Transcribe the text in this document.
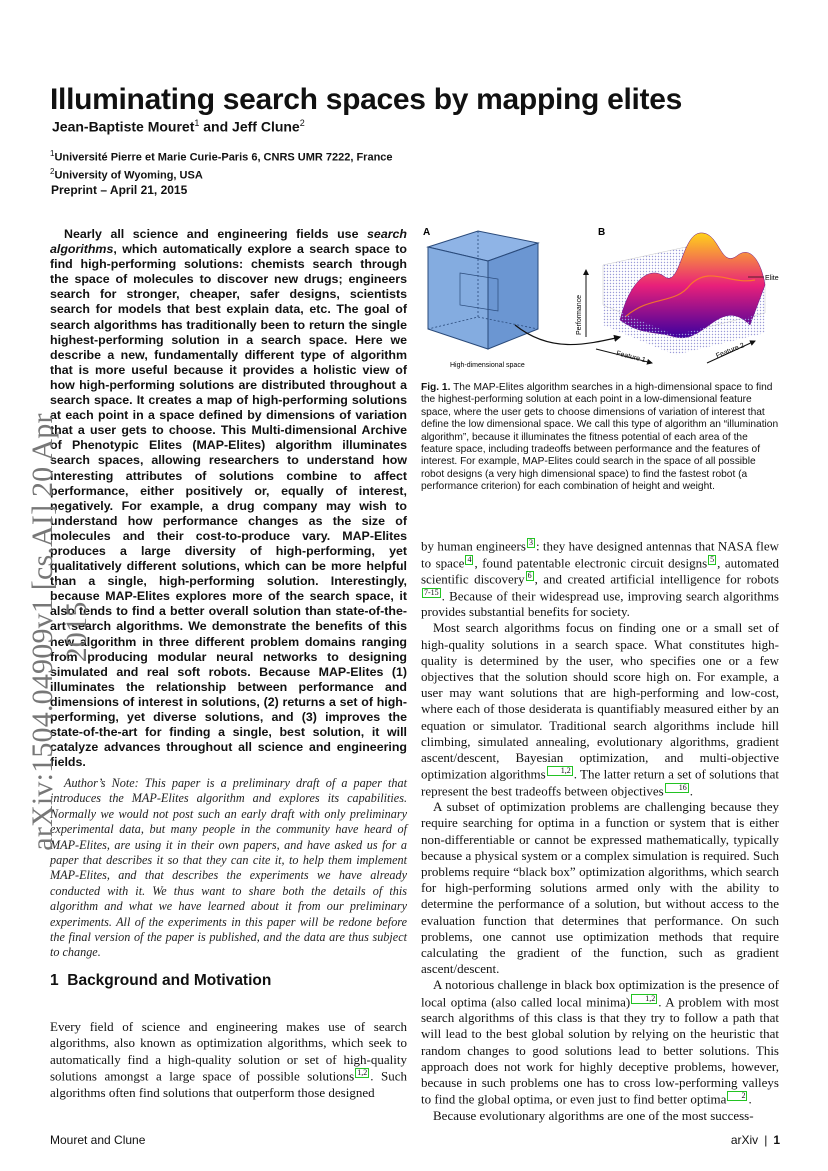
Illuminating search spaces by mapping elites
Jean-Baptiste Mouret$^1$ and Jeff Clune$^2$
$^1$Université Pierre et Marie Curie-Paris 6, CNRS UMR 7222, France
$^2$University of Wyoming, USA
Preprint – April 21, 2015

Nearly all science and engineering fields use search algorithms, which automatically explore a search space to find high-performing solutions: chemists search through the space of molecules to discover new drugs; engineers search for stronger, cheaper, safer designs, scientists search for models that best explain data, etc. The goal of search algorithms has traditionally been to return the single highest-performing solution in a search space. Here we describe a new, fundamentally different type of algorithm that is more useful because it provides a holistic view of how high-performing solutions are distributed throughout a search space. It creates a map of high-performing solutions at each point in a space defined by dimensions of variation that a user gets to choose. This Multi-dimensional Archive of Phenotypic Elites (MAP-Elites) algorithm illuminates search spaces, allowing researchers to understand how interesting attributes of solutions combine to affect performance, either positively or, equally of interest, negatively. For example, a drug company may wish to understand how performance changes as the size of molecules and their cost-to-produce vary. MAP-Elites produces a large diversity of high-performing, yet qualitatively different solutions, which can be more helpful than a single, high-performing solution. Interestingly, because MAP-Elites explores more of the search space, it also tends to find a better overall solution than state-of-the-art search algorithms. We demonstrate the benefits of this new algorithm in three different problem domains ranging from producing modular neural networks to designing simulated and real soft robots. Because MAP-Elites (1) illuminates the relationship between performance and dimensions of interest in solutions, (2) returns a set of high-performing, yet diverse solutions, and (3) improves the state-of-the-art for finding a single, best solution, it will catalyze advances throughout all science and engineering fields.

Author’s Note: This paper is a preliminary draft of a paper that introduces the MAP-Elites algorithm and explores its capabilities. Normally we would not post such an early draft with only preliminary experimental data, but many people in the community have heard of MAP-Elites, are using it in their own papers, and have asked us for a paper that describes it so that they can cite it, to help them implement MAP-Elites, and that describes the experiments we have already conducted with it. We thus want to share both the details of this algorithm and what we have learned about it from our preliminary experiments. All of the experiments in this paper will be redone before the final version of the paper is published, and the data are thus subject to change.

1 Background and Motivation

Every field of science and engineering makes use of search algorithms, also known as optimization algorithms, which seek to automatically find a high-quality solution or set of high-quality solutions amongst a large space of possible solutions 1,2 . Such algorithms often find solutions that outperform those designed

A	B
High-dimensional space
Performance
Feature 1	Feature 2
Elite

Fig. 1. The MAP-Elites algorithm searches in a high-dimensional space to find the highest-performing solution at each point in a low-dimensional feature space, where the user gets to choose dimensions of variation of interest that define the low dimensional space. We call this type of algorithm an “illumination algorithm”, because it illuminates the fitness potential of each area of the feature space, including tradeoffs between performance and the features of interest. For example, MAP-Elites could search in the space of all possible robot designs (a very high dimensional space) to find the fastest robot (a performance criterion) for each combination of height and weight.

by human engineers 3 : they have designed antennas that NASA flew to space 4 , found patentable electronic circuit designs 5 , automated scientific discovery 6 , and created artificial intelligence for robots7-15 . Because of their widespread use, improving search algorithms provides substantial benefits for society.

Most search algorithms focus on finding one or a small set of high-quality solutions in a search space. What constitutes high-quality is determined by the user, who specifies one or a few objectives that the solution should score high on. For example, a user may want solutions that are high-performing and low-cost, where each of those desiderata is quantifiably measured either by an equation or simulator. Traditional search algorithms include hill climbing, simulated annealing, evolutionary algorithms, gradient ascent/descent, Bayesian optimization, and multi-objective optimization algorithms 1,2 . The latter return a set of solutions that represent the best tradeoffs between objectives 16 .

A subset of optimization problems are challenging because they require searching for optima in a function or system that is either non-differentiable or cannot be expressed mathematically, typically because a physical system or a complex simulation is required. Such problems require “black box” optimization algorithms, which search for high-performing solutions armed only with the ability to determine the performance of a solution, but without access to the evaluation function that determines that performance. On such problems, one cannot use optimization methods that require calculating the gradient of the function, such as gradient ascent/descent.

A notorious challenge in black box optimization is the presence of local optima (also called local minima) 1,2 . A problem with most search algorithms of this class is that they try to follow a path that will lead to the best global solution by relying on the heuristic that random changes to good solutions lead to better solutions. This approach does not work for highly deceptive problems, however, because in such problems one has to cross low-performing valleys to find the global optima, or even just to find better optima 2 .

Because evolutionary algorithms are one of the most success-

arXiv:1504.04909v1 [cs.AI] 20 Apr 2015
Mouret and Clune	arXiv | 1
